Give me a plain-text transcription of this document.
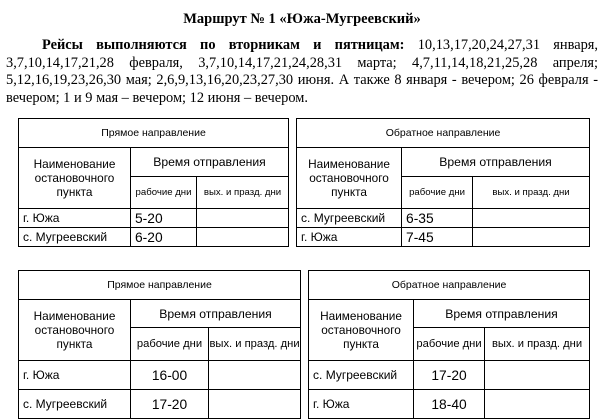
Маршрут № 1 «Южа-Мугреевский»
Рейсы выполняются по вторникам и пятницам: 10,13,17,20,24,27,31 января, 3,7,10,14,17,21,28 февраля, 3,7,10,14,17,21,24,28,31 марта; 4,7,11,14,18,21,25,28 апреля; 5,12,16,19,23,26,30 мая; 2,6,9,13,16,20,23,27,30 июня. А также 8 января - вечером; 26 февраля - вечером; 1 и 9 мая – вечером; 12 июня – вечером.
Прямое направление				Обратное направление		
Наименование остановочного пункта	Время отправления			Наименование остановочного пункта	Время отправления	
	рабочие дни	вых. и празд. дни			рабочие дни	вых. и празд. дни
г. Южа	5-20			с. Мугреевский	6-35	
с. Мугреевский	6-20			г. Южа	7-45	
Прямое направление				Обратное направление		
Наименование остановочного пункта	Время отправления			Наименование остановочного пункта	Время отправления	
	рабочие дни	вых. и празд. дни			рабочие дни	вых. и празд. дни
г. Южа	16-00			с. Мугреевский	17-20	
с. Мугреевский	17-20			г. Южа	18-40	
